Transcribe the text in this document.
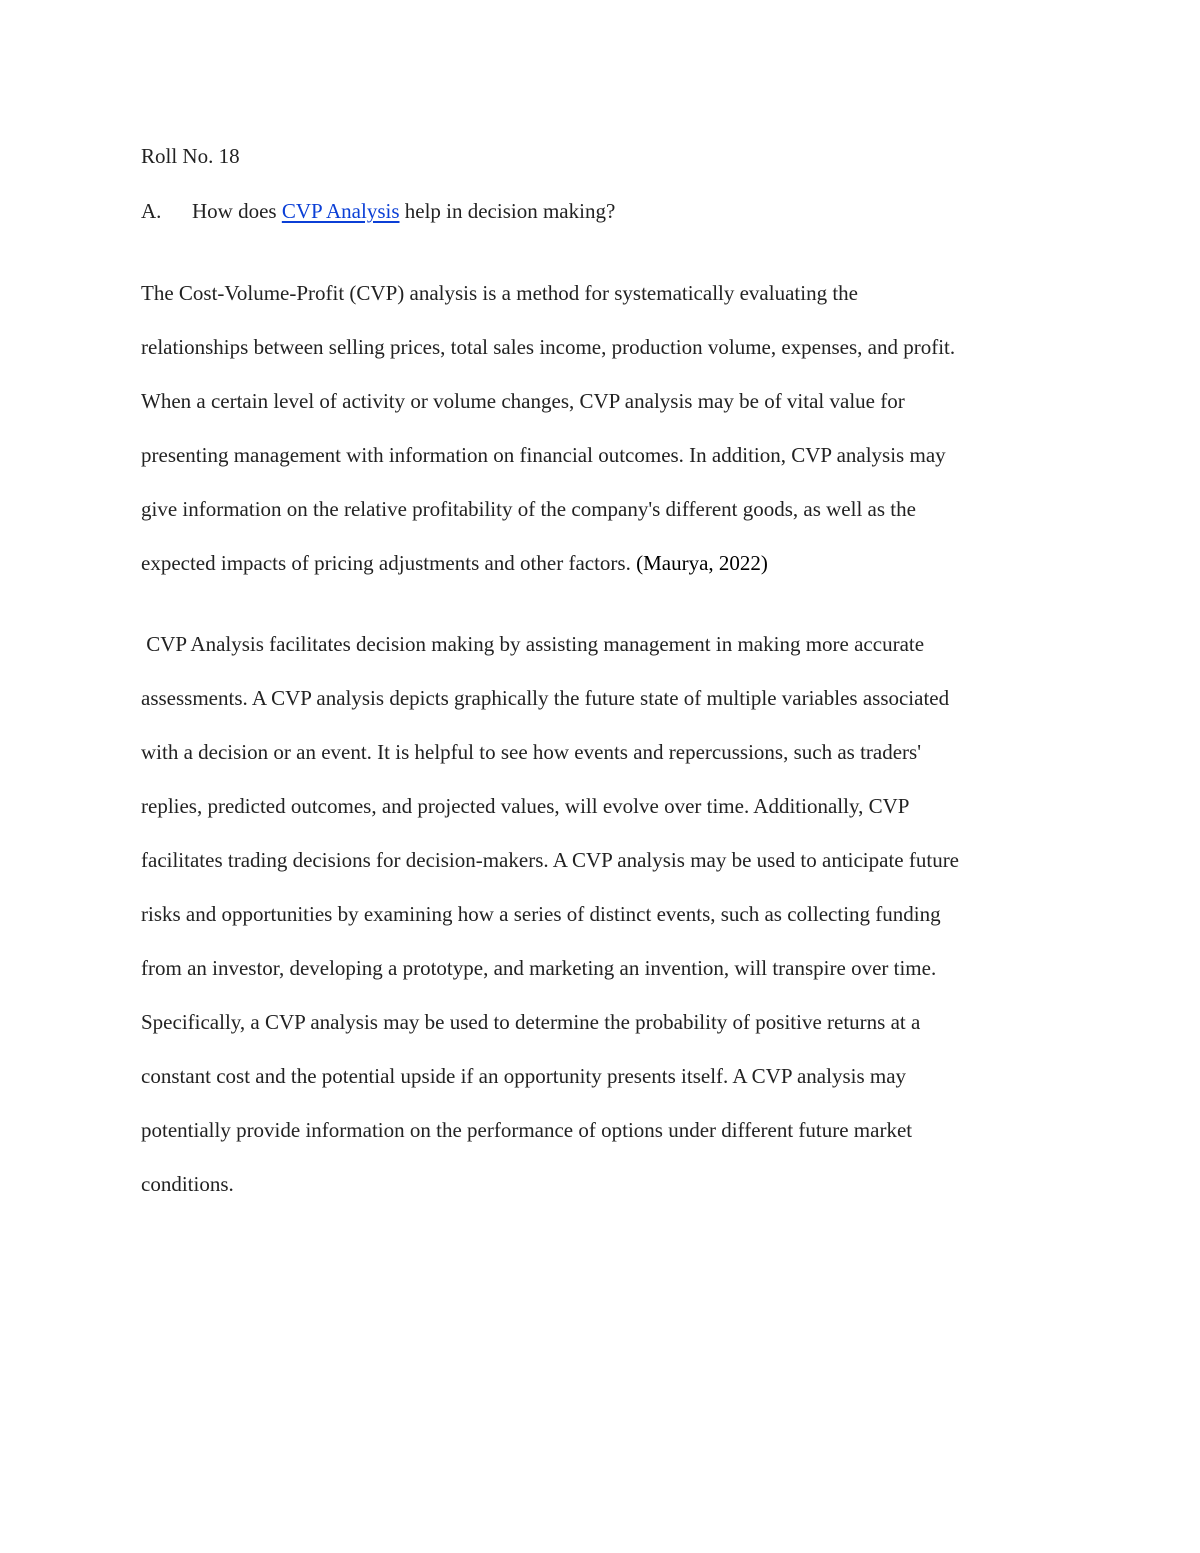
Roll No. 18
A. How does CVP Analysis help in decision making?
The Cost-Volume-Profit (CVP) analysis is a method for systematically evaluating the
relationships between selling prices, total sales income, production volume, expenses, and profit.
When a certain level of activity or volume changes, CVP analysis may be of vital value for
presenting management with information on financial outcomes. In addition, CVP analysis may
give information on the relative profitability of the company's different goods, as well as the
expected impacts of pricing adjustments and other factors. (Maurya, 2022)
CVP Analysis facilitates decision making by assisting management in making more accurate
assessments. A CVP analysis depicts graphically the future state of multiple variables associated
with a decision or an event. It is helpful to see how events and repercussions, such as traders'
replies, predicted outcomes, and projected values, will evolve over time. Additionally, CVP
facilitates trading decisions for decision-makers. A CVP analysis may be used to anticipate future
risks and opportunities by examining how a series of distinct events, such as collecting funding
from an investor, developing a prototype, and marketing an invention, will transpire over time.
Specifically, a CVP analysis may be used to determine the probability of positive returns at a
constant cost and the potential upside if an opportunity presents itself. A CVP analysis may
potentially provide information on the performance of options under different future market
conditions.
